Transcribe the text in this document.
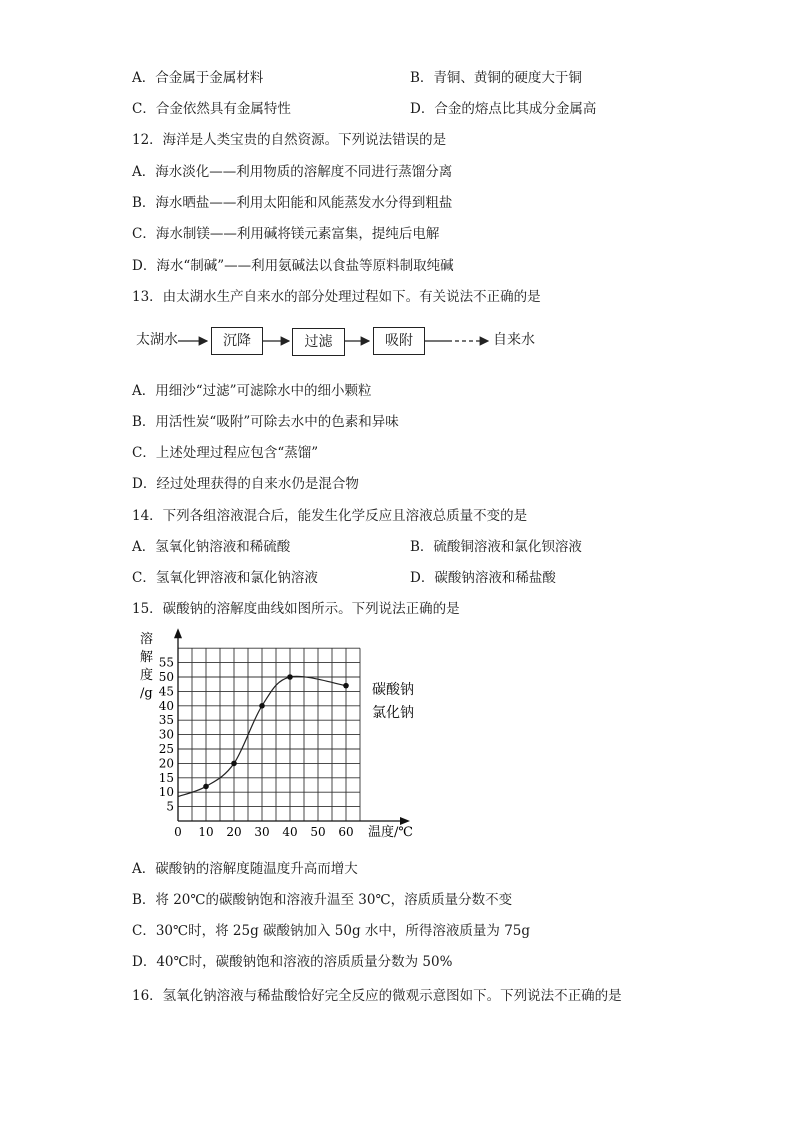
A．合金属于金属材料	B．青铜、黄铜的硬度大于铜
C．合金依然具有金属特性	D．合金的熔点比其成分金属高
12．海洋是人类宝贵的自然资源。下列说法错误的是
A．海水淡化——利用物质的溶解度不同进行蒸馏分离
B．海水晒盐——利用太阳能和风能蒸发水分得到粗盐
C．海水制镁——利用碱将镁元素富集，提纯后电解
D．海水“制碱”——利用氨碱法以食盐等原料制取纯碱
13．由太湖水生产自来水的部分处理过程如下。有关说法不正确的是
太湖水	沉降	过滤	吸附	自来水
A．用细沙“过滤”可滤除水中的细小颗粒
B．用活性炭“吸附”可除去水中的色素和异味
C．上述处理过程应包含“蒸馏”
D．经过处理获得的自来水仍是混合物
14．下列各组溶液混合后，能发生化学反应且溶液总质量不变的是
A．氢氧化钠溶液和稀硫酸	B．硫酸铜溶液和氯化钡溶液
C．氢氧化钾溶液和氯化钠溶液	D．碳酸钠溶液和稀盐酸
15．碳酸钠的溶解度曲线如图所示。下列说法正确的是
0 10 20 30 40 50 60
5
10
15
20
25
30
35
40
45
50
55
溶
解
度
/g
温度/℃
碳酸钠
氯化钠
A．碳酸钠的溶解度随温度升高而增大
B．将 20℃的碳酸钠饱和溶液升温至 30℃，溶质质量分数不变
C．30℃时，将 25g 碳酸钠加入 50g 水中，所得溶液质量为 75g
D．40℃时，碳酸钠饱和溶液的溶质质量分数为 50%
16．氢氧化钠溶液与稀盐酸恰好完全反应的微观示意图如下。下列说法不正确的是
